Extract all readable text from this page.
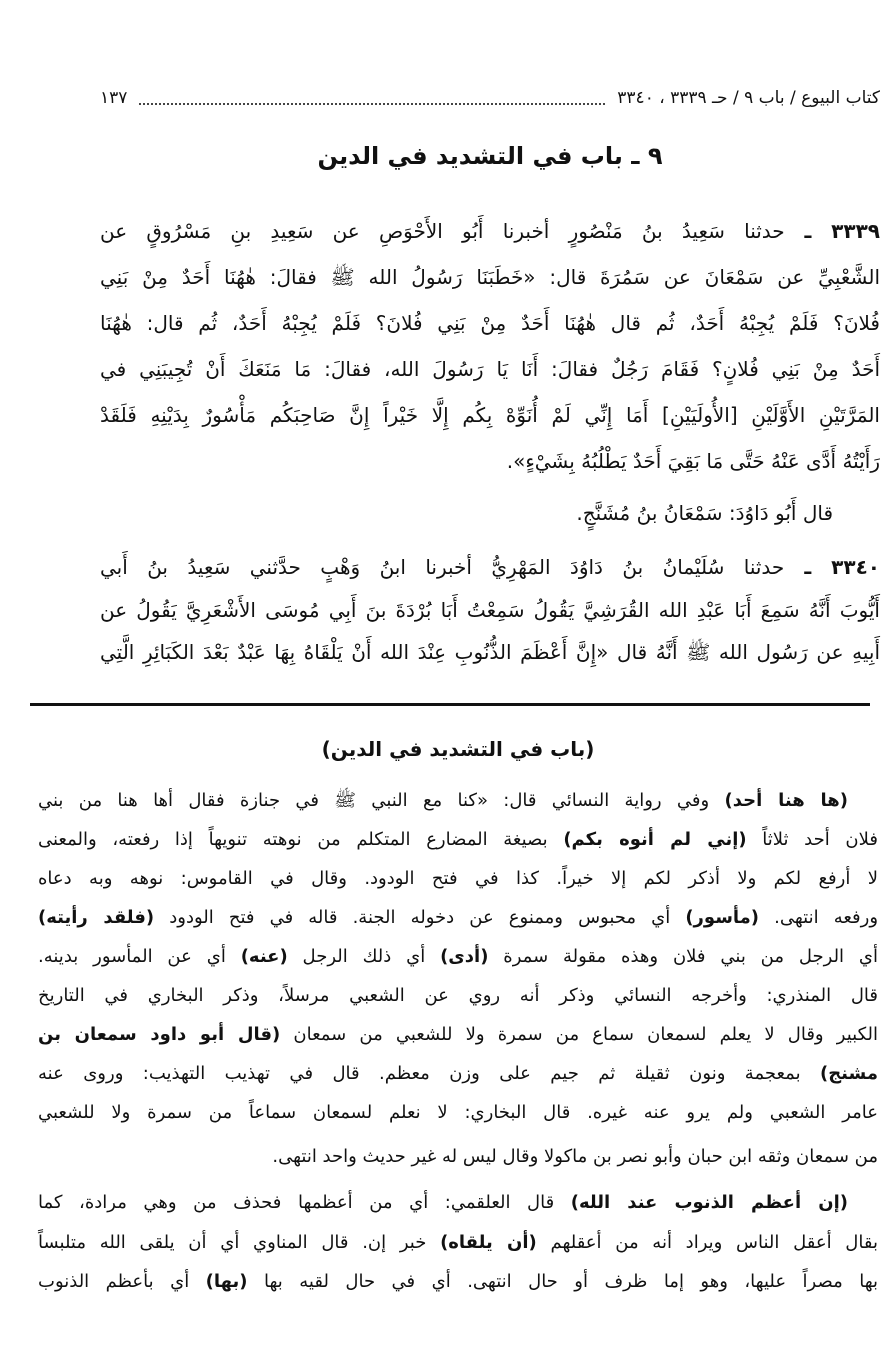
كتاب البيوع / باب ٩ / حـ ٣٣٣٩ ، ٣٣٤٠
١٣٧
٩ ـ باب في التشديد في الدين
٣٣٣٩ ـ حدثنا سَعِيدُ بنُ مَنْصُورٍ أخبرنا أَبُو الأَحْوَصِ عن سَعِيدِ بنِ مَسْرُوقٍ عن
الشَّعْبِيِّ عن سَمْعَانَ عن سَمُرَةَ قال: «خَطَبَنَا رَسُولُ الله ﷺ فقالَ: هٰهُنَا أَحَدٌ مِنْ بَنِي
فُلانَ؟ فَلَمْ يُجِبْهُ أَحَدٌ، ثُم قال هٰهُنَا أَحَدٌ مِنْ بَنِي فُلانَ؟ فَلَمْ يُجِبْهُ أَحَدٌ، ثُم قال: هٰهُنَا
أَحَدٌ مِنْ بَنِي فُلانٍ؟ فَقَامَ رَجُلٌ فقالَ: أَنَا يَا رَسُولَ الله، فقالَ: مَا مَنَعَكَ أَنْ تُجِيبَنِي في
المَرَّتَيْنِ الأَوَّلَيْنِ [الأُولَيَيْنِ] أَمَا إِنِّي لَمْ أُنَوِّهْ بِكُم إِلَّا خَيْراً إِنَّ صَاحِبَكُم مَأْسُورٌ بِدَيْنِهِ فَلَقَدْ
رَأَيْتُهُ أَدَّى عَنْهُ حَتَّى مَا بَقِيَ أَحَدٌ يَطْلُبُهُ بِشَيْءٍ».
قال أَبُو دَاوُدَ: سَمْعَانُ بنُ مُشَنَّجٍ.
٣٣٤٠ ـ حدثنا سُلَيْمانُ بنُ دَاوُدَ المَهْرِيُّ أخبرنا ابنُ وَهْبٍ حدَّثني سَعِيدُ بنُ أَبي
أَيُّوبَ أَنَّهُ سَمِعَ أَبَا عَبْدِ الله القُرَشِيَّ يَقُولُ سَمِعْتُ أَبَا بُرْدَةَ بنَ أَبِي مُوسَى الأَشْعَرِيَّ يَقُولُ عن
أَبِيهِ عن رَسُول الله ﷺ أَنَّهُ قال «إِنَّ أَعْظَمَ الذُّنُوبِ عِنْدَ الله أَنْ يَلْقَاهُ بِهَا عَبْدٌ بَعْدَ الكَبَائِرِ الَّتِي
(باب في التشديد في الدين)
(ها هنا أحد) وفي رواية النسائي قال: «كنا مع النبي ﷺ في جنازة فقال أها هنا من بني
فلان أحد ثلاثاً (إني لم أنوه بكم) بصيغة المضارع المتكلم من نوهته تنويهاً إذا رفعته، والمعنى
لا أرفع لكم ولا أذكر لكم إلا خيراً. كذا في فتح الودود. وقال في القاموس: نوهه وبه دعاه
ورفعه انتهى. (مأسور) أي محبوس وممنوع عن دخوله الجنة. قاله في فتح الودود (فلقد رأيته)
أي الرجل من بني فلان وهذه مقولة سمرة (أدى) أي ذلك الرجل (عنه) أي عن المأسور بدينه.
قال المنذري: وأخرجه النسائي وذكر أنه روي عن الشعبي مرسلاً، وذكر البخاري في التاريخ
الكبير وقال لا يعلم لسمعان سماع من سمرة ولا للشعبي من سمعان (قال أبو داود سمعان بن
مشنج) بمعجمة ونون ثقيلة ثم جيم على وزن معظم. قال في تهذيب التهذيب: وروى عنه
عامر الشعبي ولم يرو عنه غيره. قال البخاري: لا نعلم لسمعان سماعاً من سمرة ولا للشعبي
من سمعان وثقه ابن حبان وأبو نصر بن ماكولا وقال ليس له غير حديث واحد انتهى.
(إن أعظم الذنوب عند الله) قال العلقمي: أي من أعظمها فحذف من وهي مرادة، كما
بقال أعقل الناس ويراد أنه من أعقلهم (أن يلقاه) خبر إن. قال المناوي أي أن يلقى الله متلبساً
بها مصراً عليها، وهو إما ظرف أو حال انتهى. أي في حال لقيه بها (بها) أي بأعظم الذنوب
